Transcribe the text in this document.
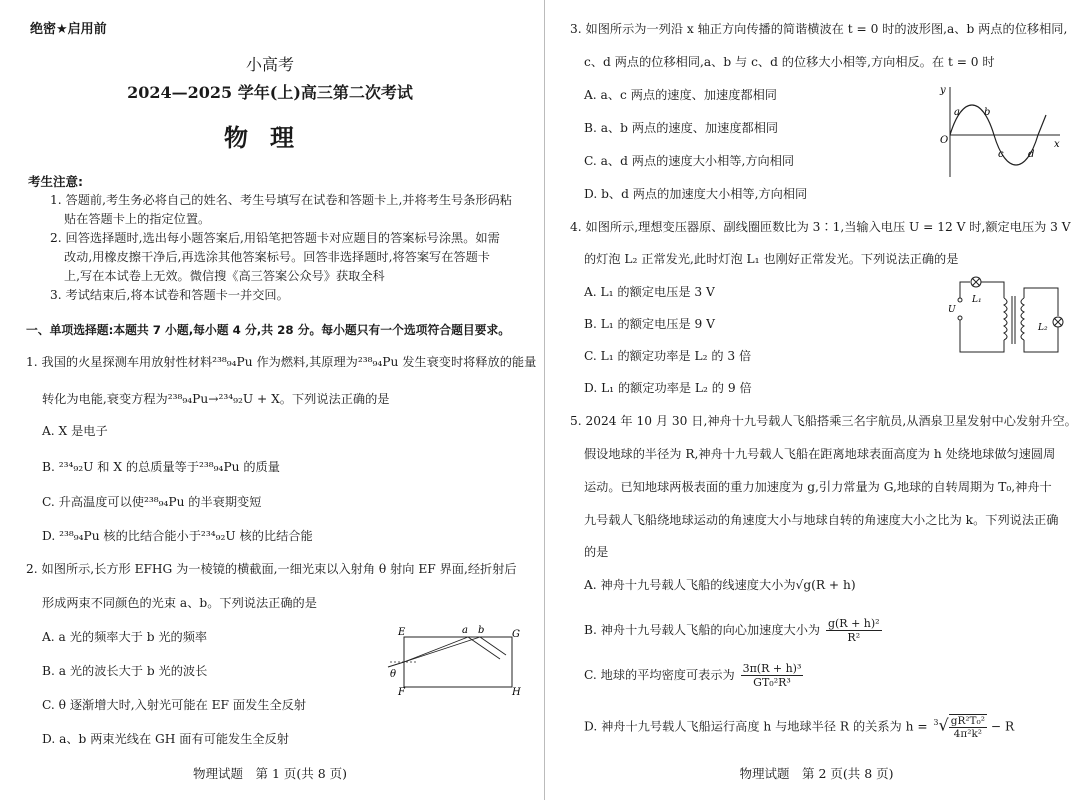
绝密★启用前
小高考
2024—2025 学年(上)高三第二次考试
物理
考生注意:
1. 答题前,考生务必将自己的姓名、考生号填写在试卷和答题卡上,并将考生号条形码粘
贴在答题卡上的指定位置。
2. 回答选择题时,选出每小题答案后,用铅笔把答题卡对应题目的答案标号涂黑。如需
改动,用橡皮擦干净后,再选涂其他答案标号。回答非选择题时,将答案写在答题卡
上,写在本试卷上无效。微信搜《高三答案公众号》获取全科
3. 考试结束后,将本试卷和答题卡一并交回。
一、单项选择题:本题共 7 小题,每小题 4 分,共 28 分。每小题只有一个选项符合题目要求。
1. 我国的火星探测车用放射性材料²³⁸₉₄Pu 作为燃料,其原理为²³⁸₉₄Pu 发生衰变时将释放的能量
转化为电能,衰变方程为²³⁸₉₄Pu→²³⁴₉₂U + X。下列说法正确的是
A. X 是电子
B. ²³⁴₉₂U 和 X 的总质量等于²³⁸₉₄Pu 的质量
C. 升高温度可以使²³⁸₉₄Pu 的半衰期变短
D. ²³⁸₉₄Pu 核的比结合能小于²³⁴₉₂U 核的比结合能
2. 如图所示,长方形 EFHG 为一棱镜的横截面,一细光束以入射角 θ 射向 EF 界面,经折射后
形成两束不同颜色的光束 a、b。下列说法正确的是
A. a 光的频率大于 b 光的频率
B. a 光的波长大于 b 光的波长
C. θ 逐渐增大时,入射光可能在 EF 面发生全反射
D. a、b 两束光线在 GH 面有可能发生全反射
E
F
G
H
a b
θ
物理试题　第 1 页(共 8 页)
3. 如图所示为一列沿 x 轴正方向传播的简谐横波在 t = 0 时的波形图,a、b 两点的位移相同,
c、d 两点的位移相同,a、b 与 c、d 的位移大小相等,方向相反。在 t = 0 时
A. a、c 两点的速度、加速度都相同
B. a、b 两点的速度、加速度都相同
C. a、d 两点的速度大小相等,方向相同
D. b、d 两点的加速度大小相等,方向相同
y
x
O
a b
c d
4. 如图所示,理想变压器原、副线圈匝数比为 3∶1,当输入电压 U = 12 V 时,额定电压为 3 V
的灯泡 L₂ 正常发光,此时灯泡 L₁ 也刚好正常发光。下列说法正确的是
A. L₁ 的额定电压是 3 V
B. L₁ 的额定电压是 9 V
C. L₁ 的额定功率是 L₂ 的 3 倍
D. L₁ 的额定功率是 L₂ 的 9 倍
L₁
L₂
U
5. 2024 年 10 月 30 日,神舟十九号载人飞船搭乘三名宇航员,从酒泉卫星发射中心发射升空。
假设地球的半径为 R,神舟十九号载人飞船在距离地球表面高度为 h 处绕地球做匀速圆周
运动。已知地球两极表面的重力加速度为 g,引力常量为 G,地球的自转周期为 T₀,神舟十
九号载人飞船绕地球运动的角速度大小与地球自转的角速度大小之比为 k。下列说法正确
的是
A. 神舟十九号载人飞船的线速度大小为√g(R + h)
B. 神舟十九号载人飞船的向心加速度大小为 $\frac{\text{g(R + h)²}}{\text{R²}}$
C. 地球的平均密度可表示为 $\frac{\text{3π(R + h)³}}{\text{GT₀²R³}}$
D. 神舟十九号载人飞船运行高度 h 与地球半径 R 的关系为 $h = ^3√ \frac{\text{gR²T₀²}}{\text{4π²k²}} - R$
物理试题　第 2 页(共 8 页)
